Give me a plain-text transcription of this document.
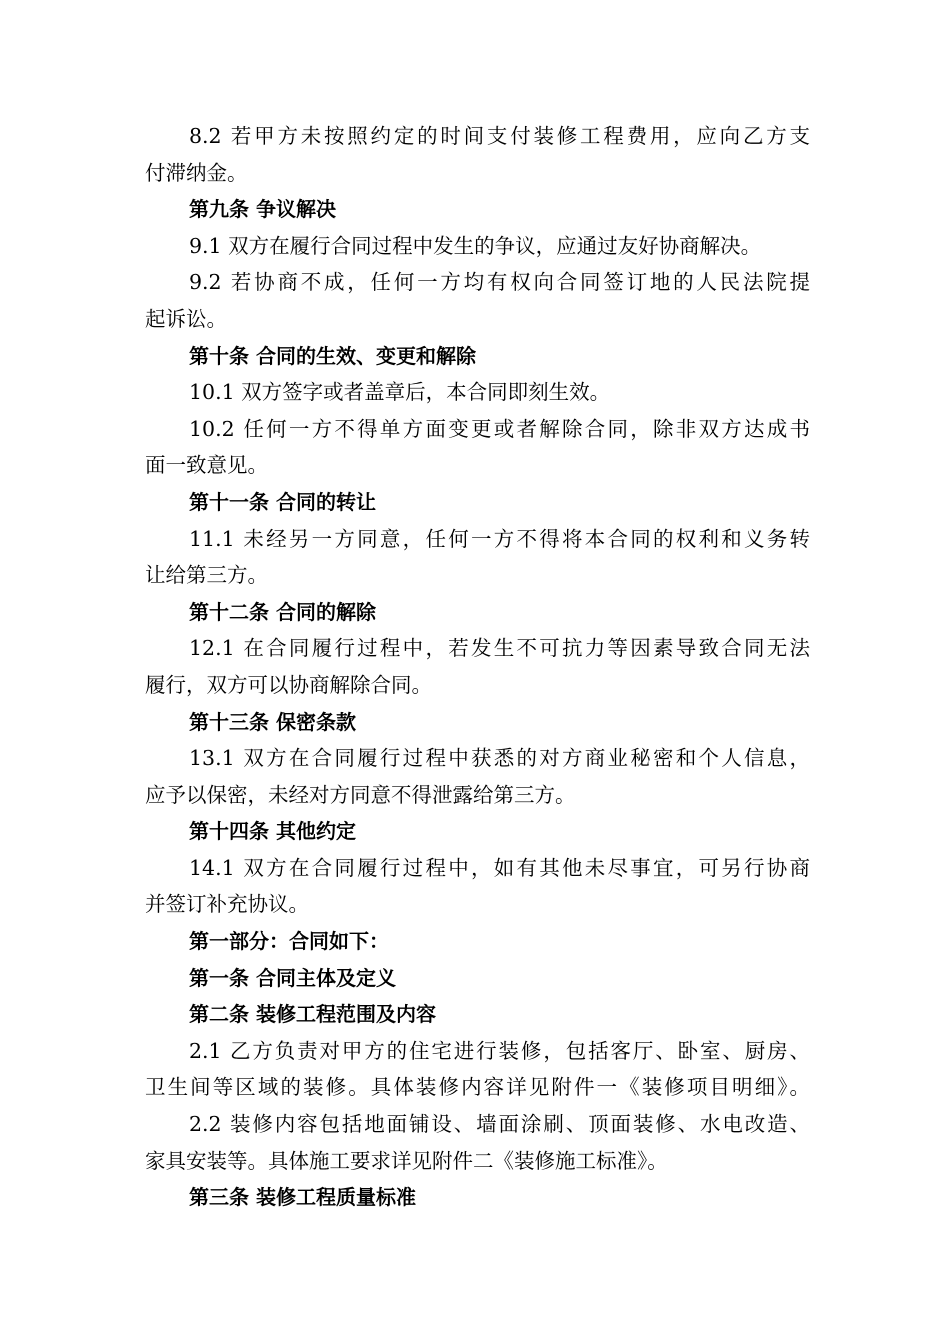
8.2 若甲方未按照约定的时间支付装修工程费用，应向乙方支
付滞纳金。
第九条 争议解决
9.1 双方在履行合同过程中发生的争议，应通过友好协商解决。
9.2 若协商不成，任何一方均有权向合同签订地的人民法院提
起诉讼。
第十条 合同的生效、变更和解除
10.1 双方签字或者盖章后，本合同即刻生效。
10.2 任何一方不得单方面变更或者解除合同，除非双方达成书
面一致意见。
第十一条 合同的转让
11.1 未经另一方同意，任何一方不得将本合同的权利和义务转
让给第三方。
第十二条 合同的解除
12.1 在合同履行过程中，若发生不可抗力等因素导致合同无法
履行，双方可以协商解除合同。
第十三条 保密条款
13.1 双方在合同履行过程中获悉的对方商业秘密和个人信息，
应予以保密，未经对方同意不得泄露给第三方。
第十四条 其他约定
14.1 双方在合同履行过程中，如有其他未尽事宜，可另行协商
并签订补充协议。
第一部分：合同如下：
第一条 合同主体及定义
第二条 装修工程范围及内容
2.1 乙方负责对甲方的住宅进行装修，包括客厅、卧室、厨房、
卫生间等区域的装修。具体装修内容详见附件一《装修项目明细》。
2.2 装修内容包括地面铺设、墙面涂刷、顶面装修、水电改造、
家具安装等。具体施工要求详见附件二《装修施工标准》。
第三条 装修工程质量标准
